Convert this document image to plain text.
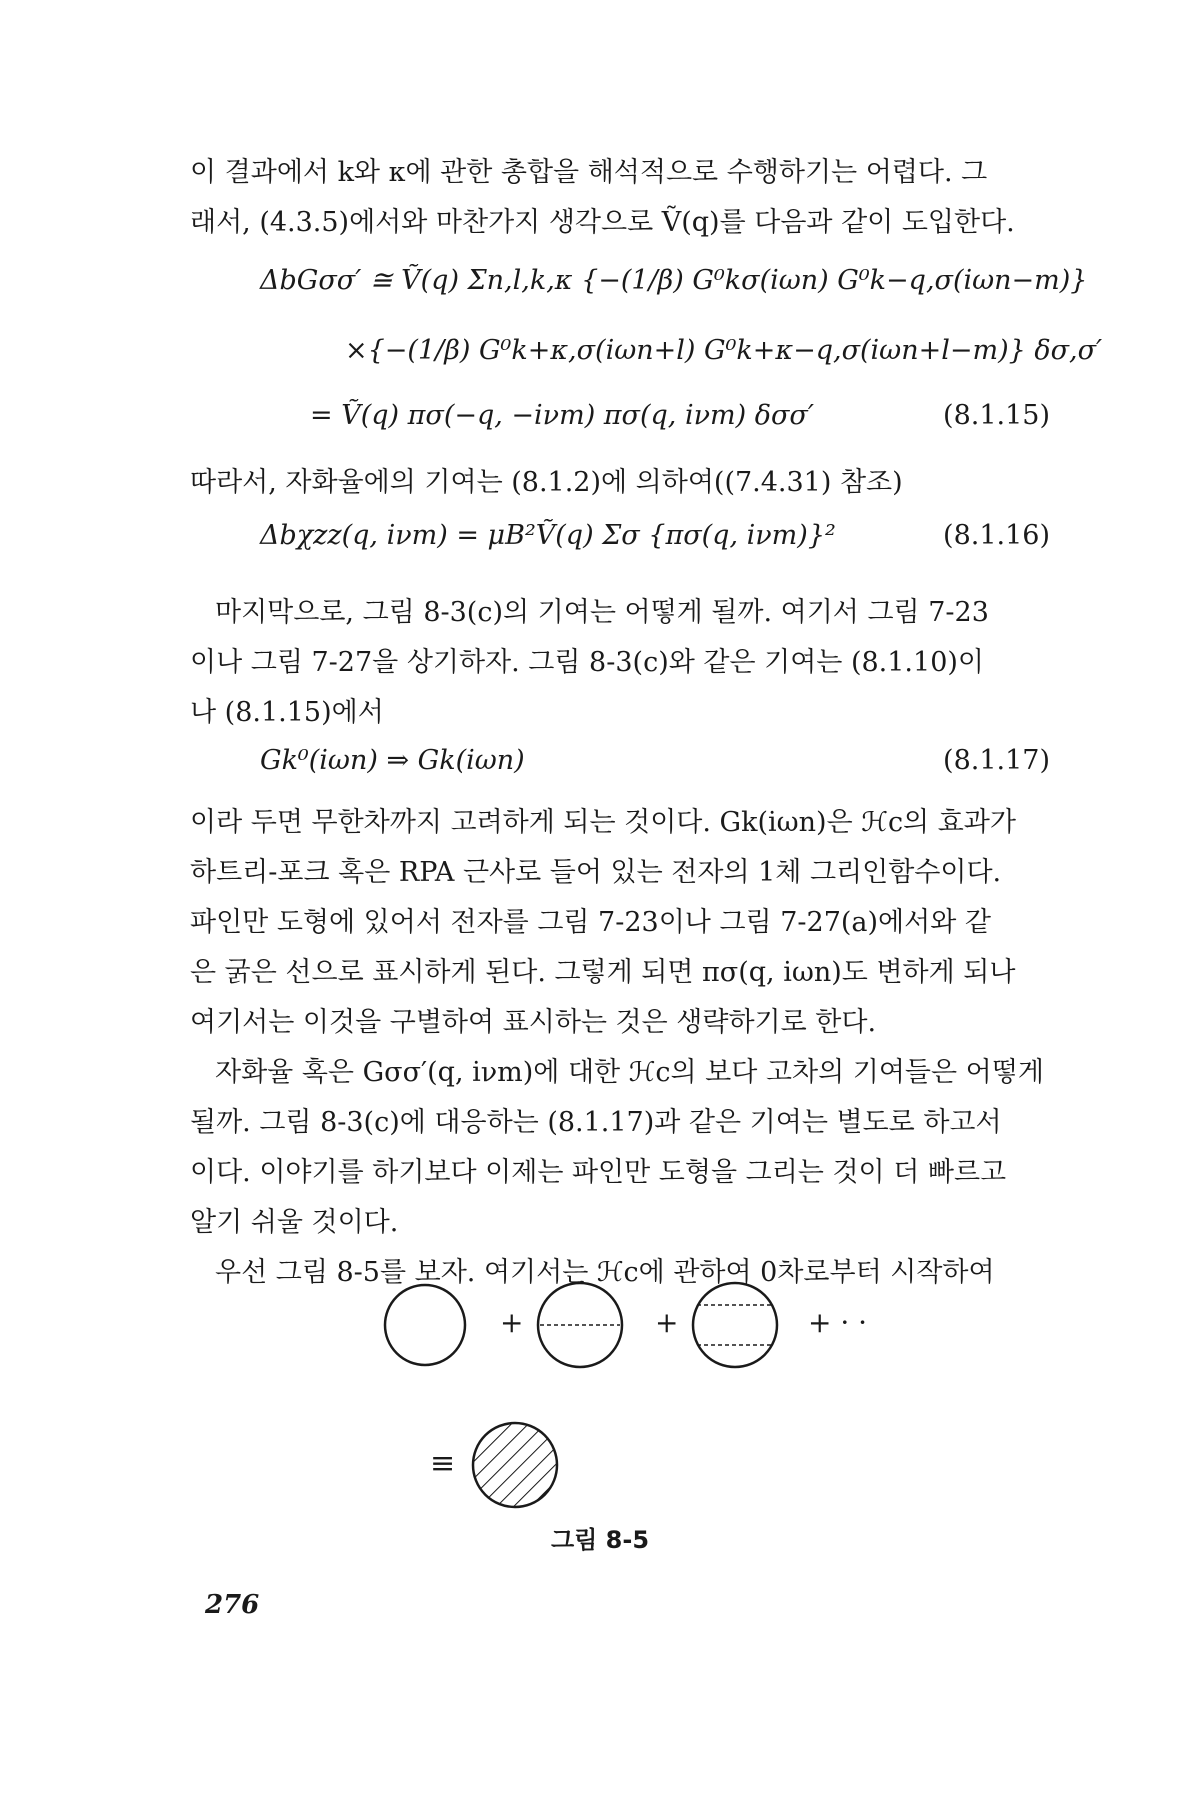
이 결과에서 k와 κ에 관한 총합을 해석적으로 수행하기는 어렵다. 그
래서, (4.3.5)에서와 마찬가지 생각으로 Ṽ(q)를 다음과 같이 도입한다.
ΔbGσσ′ ≅ Ṽ(q) Σn,l,k,κ {−(1/β) G⁰kσ(iωn) G⁰k−q,σ(iωn−m)}
×{−(1/β) G⁰k+κ,σ(iωn+l) G⁰k+κ−q,σ(iωn+l−m)} δσ,σ′
= Ṽ(q) πσ(−q, −iνm) πσ(q, iνm) δσσ′	(8.1.15)
따라서, 자화율에의 기여는 (8.1.2)에 의하여((7.4.31) 참조)
Δbχzz(q, iνm) = μB²Ṽ(q) Σσ {πσ(q, iνm)}²	(8.1.16)
마지막으로, 그림 8-3(c)의 기여는 어떻게 될까. 여기서 그림 7-23
이나 그림 7-27을 상기하자. 그림 8-3(c)와 같은 기여는 (8.1.10)이
나 (8.1.15)에서
Gk⁰(iωn) ⇒ Gk(iωn)	(8.1.17)
이라 두면 무한차까지 고려하게 되는 것이다. Gk(iωn)은 ℋc의 효과가
하트리-포크 혹은 RPA 근사로 들어 있는 전자의 1체 그리인함수이다.
파인만 도형에 있어서 전자를 그림 7-23이나 그림 7-27(a)에서와 같
은 굵은 선으로 표시하게 된다. 그렇게 되면 πσ(q, iωn)도 변하게 되나
여기서는 이것을 구별하여 표시하는 것은 생략하기로 한다.
자화율 혹은 Gσσ′(q, iνm)에 대한 ℋc의 보다 고차의 기여들은 어떻게
될까. 그림 8-3(c)에 대응하는 (8.1.17)과 같은 기여는 별도로 하고서
이다. 이야기를 하기보다 이제는 파인만 도형을 그리는 것이 더 빠르고
알기 쉬울 것이다.
우선 그림 8-5를 보자. 여기서는 ℋc에 관하여 0차로부터 시작하여
+	+	+ · ·
≡
그림 8-5
276
